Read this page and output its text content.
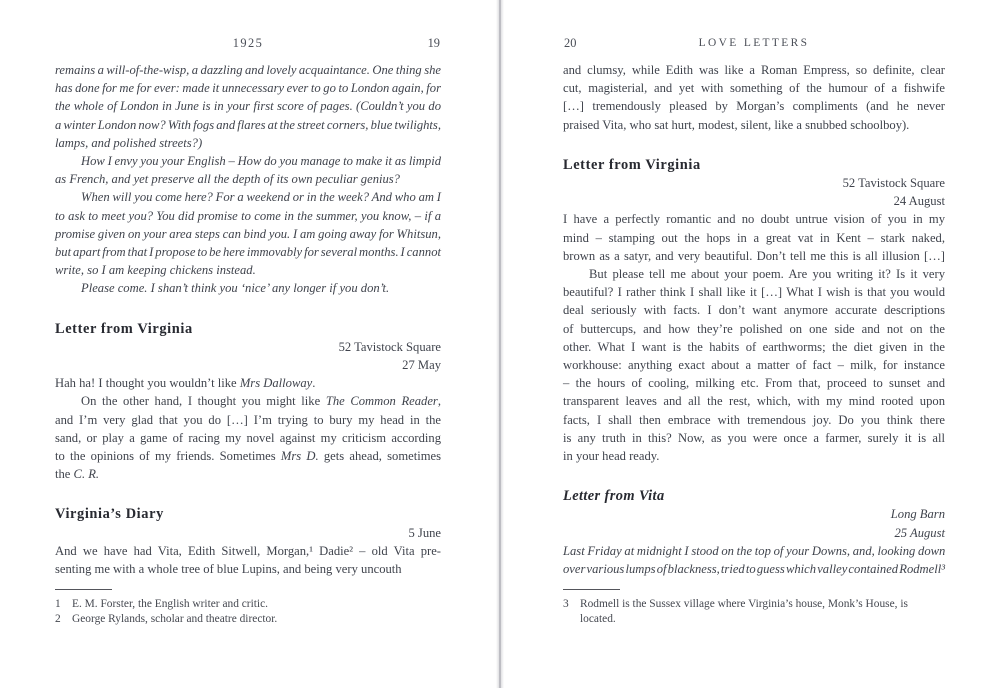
1925	19
remains a will-of-the-wisp, a dazzling and lovely acquaintance. One thing she
has done for me for ever: made it unnecessary ever to go to London again, for
the whole of London in June is in your first score of pages. (Couldn’t you do
a winter London now? With fogs and flares at the street corners, blue twilights,
lamps, and polished streets?)
How I envy you your English – How do you manage to make it as limpid
as French, and yet preserve all the depth of its own peculiar genius?
When will you come here? For a weekend or in the week? And who am I
to ask to meet you? You did promise to come in the summer, you know, – if a
promise given on your area steps can bind you. I am going away for Whitsun,
but apart from that I propose to be here immovably for several months. I cannot
write, so I am keeping chickens instead.
Please come. I shan’t think you ‘nice’ any longer if you don’t.
Letter from Virginia
52 Tavistock Square
27 May
Hah ha! I thought you wouldn’t like Mrs Dalloway.
On the other hand, I thought you might like The Common Reader,
and I’m very glad that you do […] I’m trying to bury my head in the
sand, or play a game of racing my novel against my criticism according
to the opinions of my friends. Sometimes Mrs D. gets ahead, sometimes
the C. R.
Virginia’s Diary
5 June
And we have had Vita, Edith Sitwell, Morgan,¹ Dadie² – old Vita pre-
senting me with a whole tree of blue Lupins, and being very uncouth
1 E. M. Forster, the English writer and critic.
2 George Rylands, scholar and theatre director.
20	LOVE LETTERS
and clumsy, while Edith was like a Roman Empress, so definite, clear
cut, magisterial, and yet with something of the humour of a fishwife
[…] tremendously pleased by Morgan’s compliments (and he never
praised Vita, who sat hurt, modest, silent, like a snubbed schoolboy).
Letter from Virginia
52 Tavistock Square
24 August
I have a perfectly romantic and no doubt untrue vision of you in my
mind – stamping out the hops in a great vat in Kent – stark naked,
brown as a satyr, and very beautiful. Don’t tell me this is all illusion […]
But please tell me about your poem. Are you writing it? Is it very
beautiful? I rather think I shall like it […] What I wish is that you would
deal seriously with facts. I don’t want anymore accurate descriptions
of buttercups, and how they’re polished on one side and not on the
other. What I want is the habits of earthworms; the diet given in the
workhouse: anything exact about a matter of fact – milk, for instance
– the hours of cooling, milking etc. From that, proceed to sunset and
transparent leaves and all the rest, which, with my mind rooted upon
facts, I shall then embrace with tremendous joy. Do you think there
is any truth in this? Now, as you were once a farmer, surely it is all
in your head ready.
Letter from Vita
Long Barn
25 August
Last Friday at midnight I stood on the top of your Downs, and, looking down
over various lumps of blackness, tried to guess which valley contained Rodmell³
3 Rodmell is the Sussex village where Virginia’s house, Monk’s House, is located.
